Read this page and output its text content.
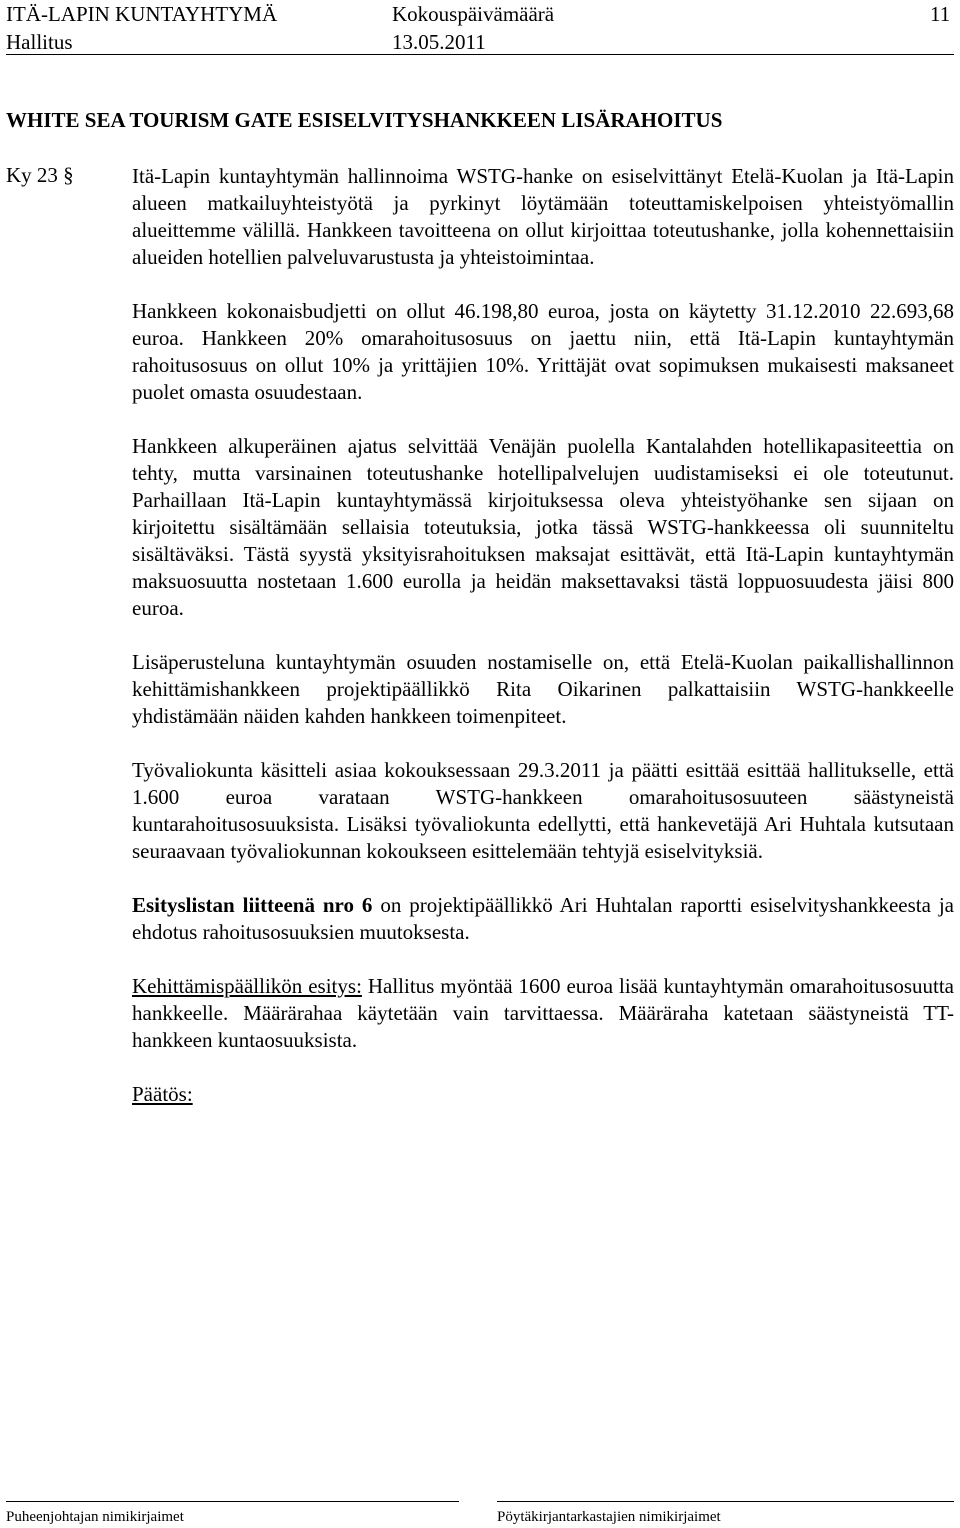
ITÄ-LAPIN KUNTAYHTYMÄ	Kokouspäivämäärä	11
Hallitus	13.05.2011
WHITE SEA TOURISM GATE ESISELVITYSHANKKEEN LISÄRAHOITUS
Ky 23 §	Itä-Lapin kuntayhtymän hallinnoima WSTG-hanke on esiselvittänyt Etelä-Kuolan ja Itä-Lapin alueen matkailuyhteistyötä ja pyrkinyt löytämään toteuttamiskelpoisen yhteistyömallin alueittemme välillä. Hankkeen tavoitteena on ollut kirjoittaa toteutushanke, jolla kohennettaisiin alueiden hotellien palveluvarustusta ja yhteistoimintaa.

Hankkeen kokonaisbudjetti on ollut 46.198,80 euroa, josta on käytetty 31.12.2010 22.693,68 euroa. Hankkeen 20% omarahoitusosuus on jaettu niin, että Itä-Lapin kuntayhtymän rahoitusosuus on ollut 10% ja yrittäjien 10%. Yrittäjät ovat sopimuksen mukaisesti maksaneet puolet omasta osuudestaan.

Hankkeen alkuperäinen ajatus selvittää Venäjän puolella Kantalahden hotellikapasiteettia on tehty, mutta varsinainen toteutushanke hotellipalvelujen uudistamiseksi ei ole toteutunut. Parhaillaan Itä-Lapin kuntayhtymässä kirjoituksessa oleva yhteistyöhanke sen sijaan on kirjoitettu sisältämään sellaisia toteutuksia, jotka tässä WSTG-hankkeessa oli suunniteltu sisältäväksi. Tästä syystä yksityisrahoituksen maksajat esittävät, että Itä-Lapin kuntayhtymän maksuosuutta nostetaan 1.600 eurolla ja heidän maksettavaksi tästä loppuosuudesta jäisi 800 euroa.

Lisäperusteluna kuntayhtymän osuuden nostamiselle on, että Etelä-Kuolan paikallishallinnon kehittämishankkeen projektipäällikkö Rita Oikarinen palkattaisiin WSTG-hankkeelle yhdistämään näiden kahden hankkeen toimenpiteet.

Työvaliokunta käsitteli asiaa kokouksessaan 29.3.2011 ja päätti esittää esittää hallitukselle, että 1.600 euroa varataan WSTG-hankkeen omarahoitusosuuteen säästyneistä kuntarahoitusosuuksista. Lisäksi työvaliokunta edellytti, että hankevetäjä Ari Huhtala kutsutaan seuraavaan työvaliokunnan kokoukseen esittelemään tehtyjä esiselvityksiä.

Esityslistan liitteenä nro 6 on projektipäällikkö Ari Huhtalan raportti esiselvityshankkeesta ja ehdotus rahoitusosuuksien muutoksesta.

Kehittämispäällikön esitys: Hallitus myöntää 1600 euroa lisää kuntayhtymän omarahoitusosuutta hankkeelle. Määrärahaa käytetään vain tarvittaessa. Määräraha katetaan säästyneistä TT-hankkeen kuntaosuuksista.

Päätös:

Puheenjohtajan nimikirjaimet	Pöytäkirjantarkastajien nimikirjaimet
